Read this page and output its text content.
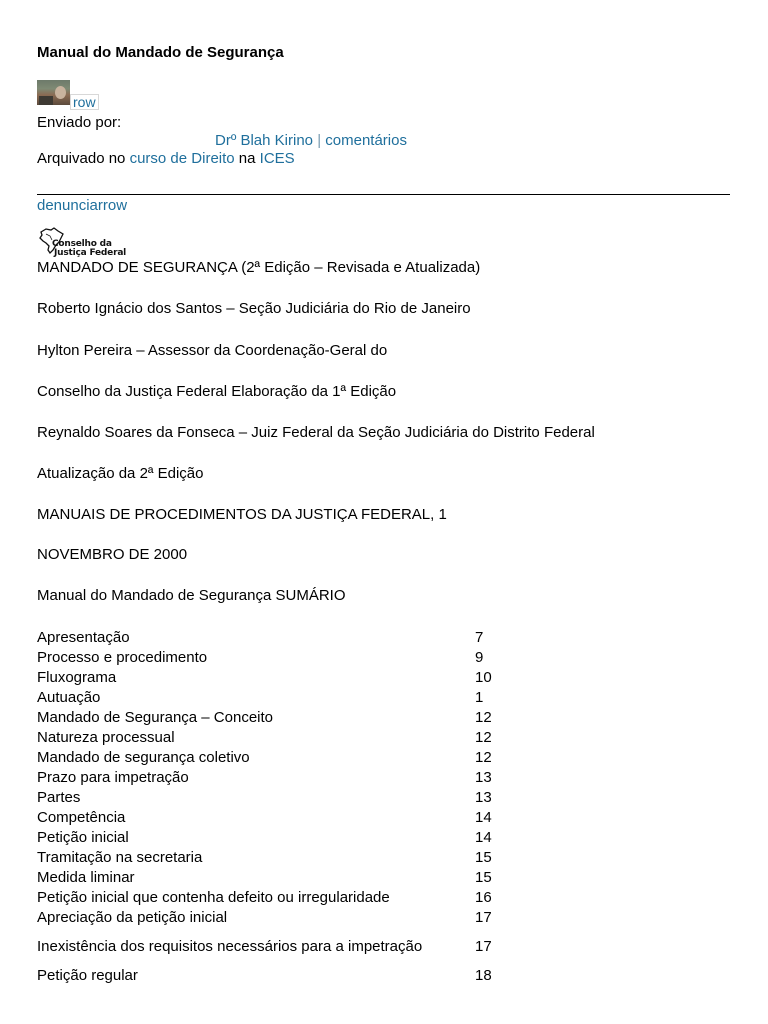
Manual do Mandado de Segurança
row
Enviado por:
Drº Blah Kirino | comentários
Arquivado no curso de Direito na ICES
denunciarrow
Conselho da
Justiça Federal

MANDADO DE SEGURANÇA (2ª Edição – Revisada e Atualizada)

Roberto Ignácio dos Santos – Seção Judiciária do Rio de Janeiro

Hylton Pereira – Assessor da Coordenação-Geral do

Conselho da Justiça Federal Elaboração da 1ª Edição

Reynaldo Soares da Fonseca – Juiz Federal da Seção Judiciária do Distrito Federal

Atualização da 2ª Edição

MANUAIS DE PROCEDIMENTOS DA JUSTIÇA FEDERAL, 1

NOVEMBRO DE 2000

Manual do Mandado de Segurança SUMÁRIO

Apresentação	7
Processo e procedimento	9
Fluxograma	10
Autuação	1
Mandado de Segurança – Conceito	12
Natureza processual	12
Mandado de segurança coletivo	12
Prazo para impetração	13
Partes	13
Competência	14
Petição inicial	14
Tramitação na secretaria	15
Medida liminar	15
Petição inicial que contenha defeito ou irregularidade	16
Apreciação da petição inicial	17
Inexistência dos requisitos necessários para a impetração	17
Petição regular	18
